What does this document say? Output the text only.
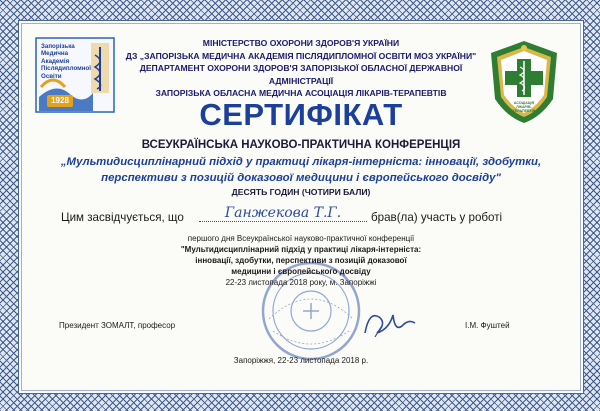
Запорізька
Медична
Академія
Післядипломної
Освіти
1928	АСОЦІАЦІЯ ЛІКАРІВ-ТЕРАПЕВТІВ
МІНІСТЕРСТВО ОХОРОНИ ЗДОРОВ'Я УКРАЇНИ
ДЗ „ЗАПОРІЗЬКА МЕДИЧНА АКАДЕМІЯ ПІСЛЯДИПЛОМНОЇ ОСВІТИ МОЗ УКРАЇНИ"
ДЕПАРТАМЕНТ ОХОРОНИ ЗДОРОВ'Я ЗАПОРІЗЬКОЇ ОБЛАСНОЇ ДЕРЖАВНОЇ АДМІНІСТРАЦІЇ
ЗАПОРІЗЬКА ОБЛАСНА МЕДИЧНА АСОЦІАЦІЯ ЛІКАРІВ-ТЕРАПЕВТІВ
СЕРТИФІКАТ
ВСЕУКРАЇНСЬКА НАУКОВО-ПРАКТИЧНА КОНФЕРЕНЦІЯ
„Мультидисциплінарний підхід у практиці лікаря-інтерніста: інновації, здобутки,
перспективи з позицій доказової медицини і європейського досвіду"
ДЕСЯТЬ ГОДИН (ЧОТИРИ БАЛИ)
Цим засвідчується, що	Ганжекова Т.Г.	брав(ла) участь у роботі
першого дня Всеукраїнської науково-практичної конференції
"Мультидисциплінарний підхід у практиці лікаря-інтерніста:
інновації, здобутки, перспективи з позицій доказової
медицини і європейського досвіду
22-23 листопада 2018 року, м. Запоріжжі
Президент ЗОМАЛТ, професор	І.М. Фуштей
Запоріжжя, 22-23 листопада 2018 р.
